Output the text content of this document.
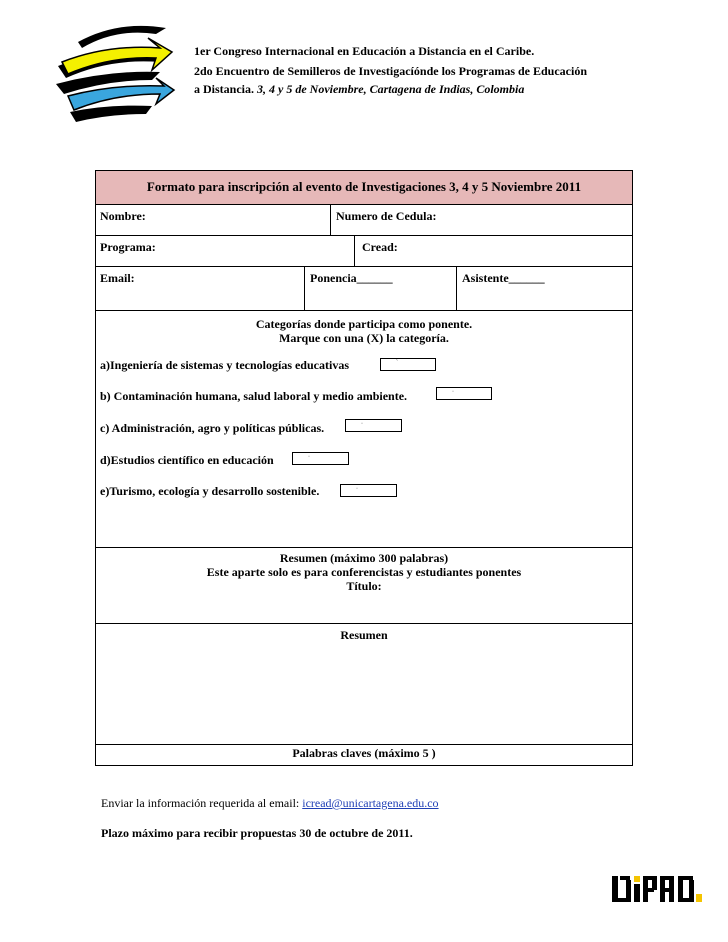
1er Congreso Internacional en Educación a Distancia en el Caribe.
2do Encuentro de Semilleros de Investigacíónde los Programas de Educación
a Distancia. 3, 4 y 5 de Noviembre, Cartagena de Indias, Colombia
Formato para inscripción al evento de Investigaciones 3, 4 y 5 Noviembre 2011
Nombre:	Numero de Cedula:
Programa:	Cread:
Email:	Ponencia______	Asistente______
Categorías donde participa como ponente.
Marque con una (X) la categoría.
a)Ingeniería de sistemas y tecnologías educativas	`
b) Contaminación humana, salud laboral y medio ambiente.	·
c) Administración, agro y políticas públicas.	·
d)Estudios científico en educación	·
e)Turismo, ecología y desarrollo sostenible.	·
Resumen (máximo 300 palabras)
Este aparte solo es para conferencistas y estudiantes ponentes
Título:
Resumen
Palabras claves (máximo 5 )
Enviar la información requerida al email: icread@unicartagena.edu.co
Plazo máximo para recibir propuestas 30 de octubre de 2011.
